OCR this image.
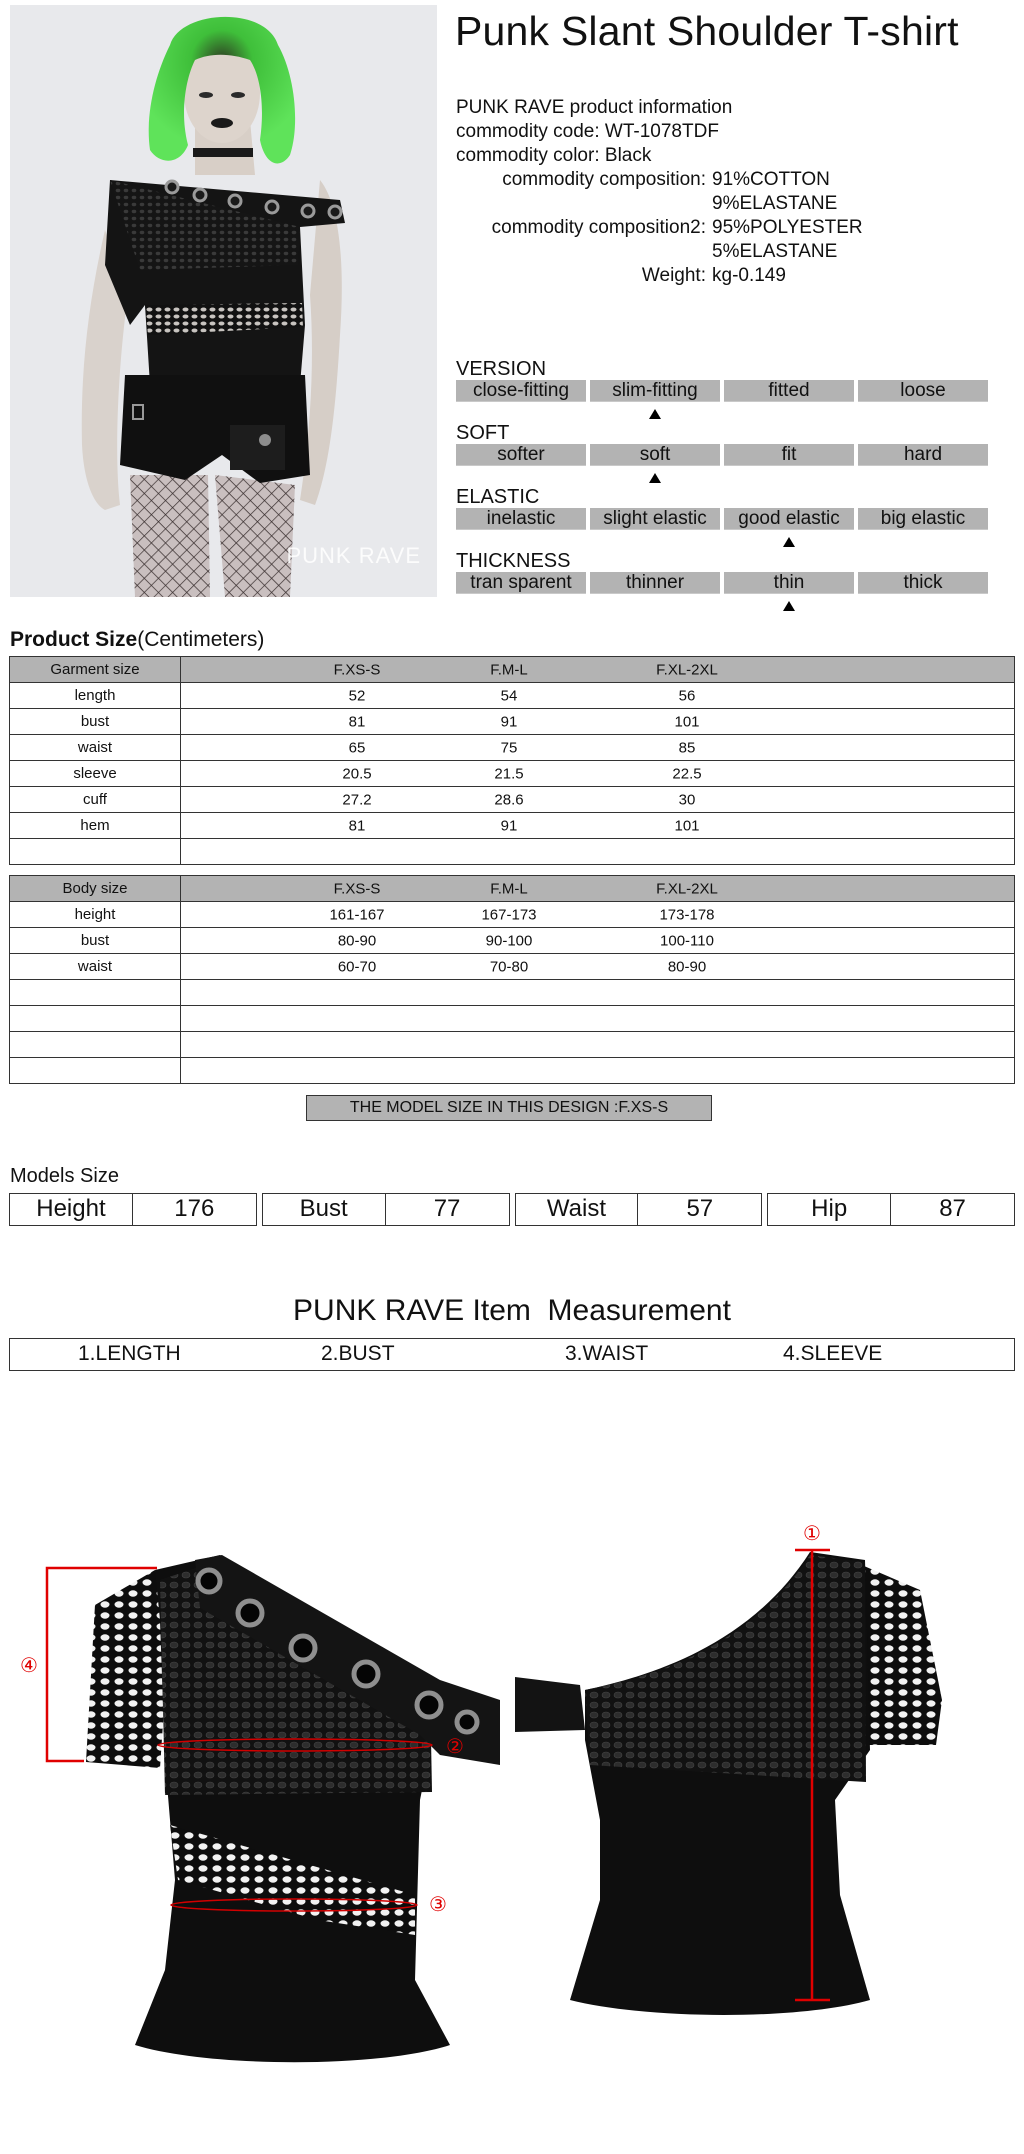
PUNK RAVE
Punk Slant Shoulder T-shirt
PUNK RAVE product information
commodity code: WT-1078TDF
commodity color: Black
commodity composition: 91%COTTON
9%ELASTANE
commodity composition2: 95%POLYESTER
5%ELASTANE
Weight: kg-0.149
VERSION
close-fitting	slim-fitting	fitted	loose
SOFT
softer	soft	fit	hard
ELASTIC
inelastic	slight elastic	good elastic	big elastic
THICKNESS
tran sparent	thinner	thin	thick
Product Size(Centimeters)
Garment size	F.XS-S F.M-L F.XL-2XL

length	52 54 56

bust	81 91 101

waist	65 75 85

sleeve	20.5 21.5 22.5

cuff	27.2 28.6 30

hem	81 91 101

Body size	F.XS-S F.M-L F.XL-2XL

height	161-167 167-173 173-178

bust	80-90 90-100 100-110

waist	60-70 70-80 80-90

THE MODEL SIZE IN THIS DESIGN :F.XS-S
Models Size
Height	176	Bust	77	Waist	57	Hip	87
PUNK RAVE Item  Measurement
1.LENGTH	2.BUST	3.WAIST	4.SLEEVE
①
②
③
④
